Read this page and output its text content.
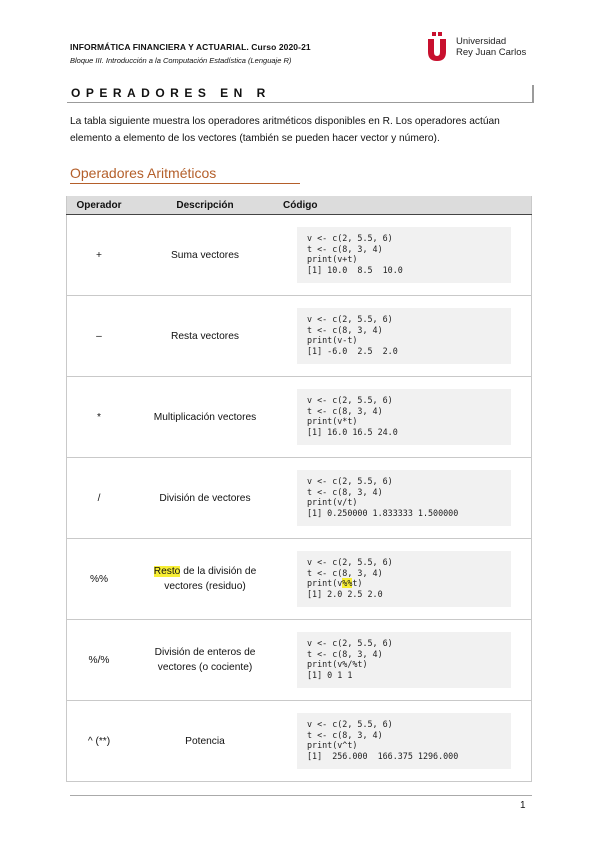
INFORMÁTICA FINANCIERA Y ACTUARIAL. Curso 2020-21
Bloque III. Introducción a la Computación Estadística (Lenguaje R)
Universidad
Rey Juan Carlos
OPERADORES EN R
La tabla siguiente muestra los operadores aritméticos disponibles en R. Los operadores actúan elemento a elemento de los vectores (también se pueden hacer vector y número).
Operadores Aritméticos
Operador	Descripción	Código
+	Suma vectores	v <- c(2, 5.5, 6)
t <- c(8, 3, 4)
print(v+t)
[1] 10.0  8.5  10.0

–	Resta vectores	v <- c(2, 5.5, 6)
t <- c(8, 3, 4)
print(v-t)
[1] -6.0  2.5  2.0

*	Multiplicación vectores	v <- c(2, 5.5, 6)
t <- c(8, 3, 4)
print(v*t)
[1] 16.0 16.5 24.0

/	División de vectores	v <- c(2, 5.5, 6)
t <- c(8, 3, 4)
print(v/t)
[1] 0.250000 1.833333 1.500000

%%	Resto de la división de vectores (residuo)	v <- c(2, 5.5, 6)
t <- c(8, 3, 4)
print(v%%t)
[1] 2.0 2.5 2.0

%/%	División de enteros de vectores (o cociente)	v <- c(2, 5.5, 6)
t <- c(8, 3, 4)
print(v%/%t)
[1] 0 1 1

^ (**)	Potencia	v <- c(2, 5.5, 6)
t <- c(8, 3, 4)
print(v^t)
[1]  256.000  166.375 1296.000
1
